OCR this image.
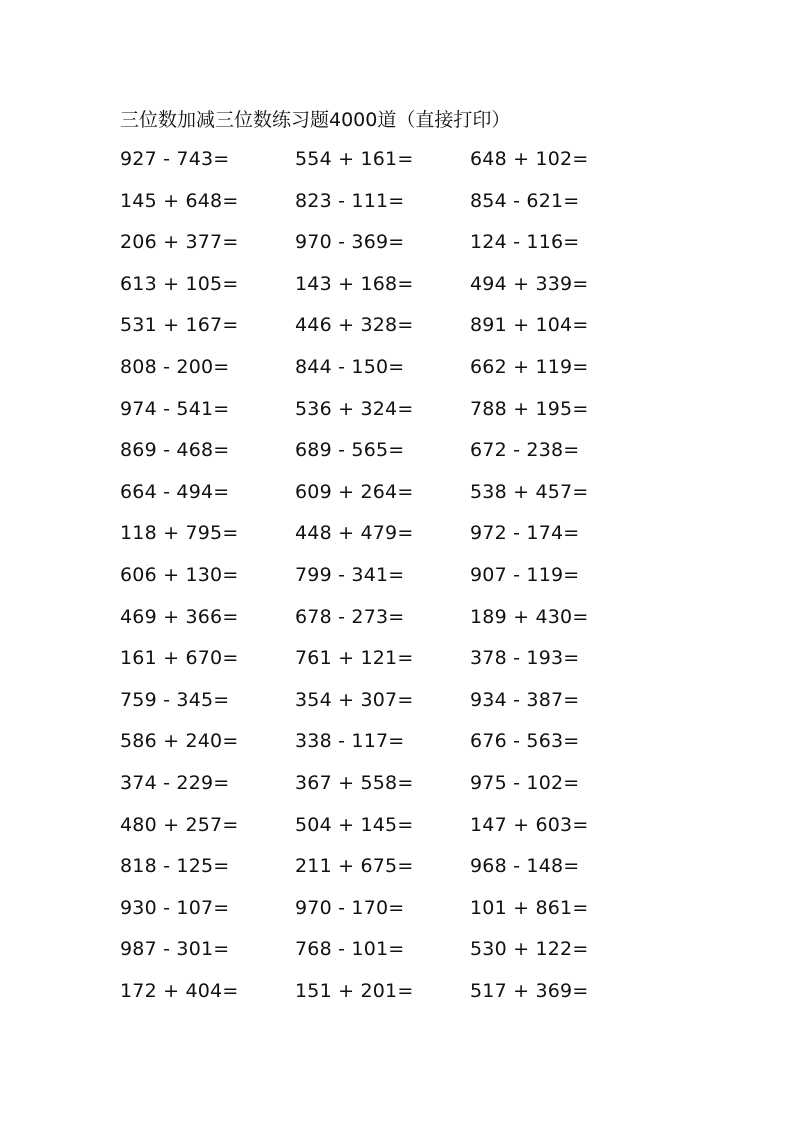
三位数加减三位数练习题4000道（直接打印）
927 - 743=	554 + 161=	648 + 102=
145 + 648=	823 - 111=	854 - 621=
206 + 377=	970 - 369=	124 - 116=
613 + 105=	143 + 168=	494 + 339=
531 + 167=	446 + 328=	891 + 104=
808 - 200=	844 - 150=	662 + 119=
974 - 541=	536 + 324=	788 + 195=
869 - 468=	689 - 565=	672 - 238=
664 - 494=	609 + 264=	538 + 457=
118 + 795=	448 + 479=	972 - 174=
606 + 130=	799 - 341=	907 - 119=
469 + 366=	678 - 273=	189 + 430=
161 + 670=	761 + 121=	378 - 193=
759 - 345=	354 + 307=	934 - 387=
586 + 240=	338 - 117=	676 - 563=
374 - 229=	367 + 558=	975 - 102=
480 + 257=	504 + 145=	147 + 603=
818 - 125=	211 + 675=	968 - 148=
930 - 107=	970 - 170=	101 + 861=
987 - 301=	768 - 101=	530 + 122=
172 + 404=	151 + 201=	517 + 369=
